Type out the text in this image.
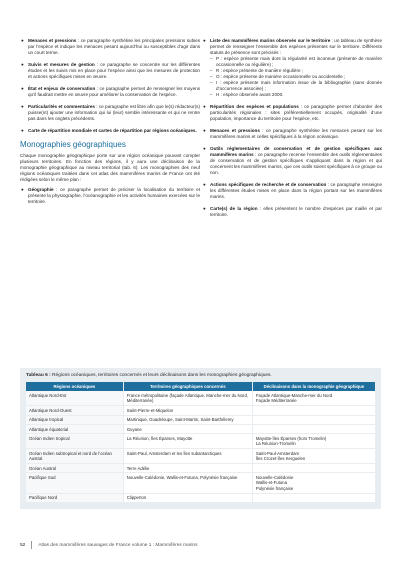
● Menaces et pressions : ce paragraphe synthétise les principales pressions subies par l’espèce et indique les menaces pesant aujourd’hui ou susceptibles d’agir dans un court terme.
● Suivis et mesures de gestion : ce paragraphe se concentre sur les différentes études et les suivis mis en place pour l’espèce ainsi que les mesures de protection et actions spécifiques mises en œuvre.
● État et enjeux de conservation : ce paragraphe permet de renseigner les moyens qu’il faudrait mettre en œuvre pour améliorer la conservation de l’espèce.
● Particularités et commentaires : ce paragraphe est libre afin que le(s) rédacteur(s) puisse(nt) ajouter une information qui lui (leur) semble intéressante et qui ne rentre pas dans les onglets précédents.
● Carte de répartition mondiale et cartes de répartition par régions océaniques.
Monographies géographiques
Chaque monographie géographique porte sur une région océanique pouvant compter plusieurs territoires. En fonction des régions, il y aura une déclinaison de la monographie géographique au niveau territorial (tab. 6). Les monographies des neuf régions océaniques traitées dans cet atlas des mammifères marins de France ont été rédigées selon le même plan :
● Géographie : ce paragraphe permet de préciser la localisation du territoire et présente la physiographie, l’océanographie et les activités humaines exercées sur le territoire.
● Liste des mammifères marins observés sur le territoire : un tableau de synthèse permet de renseigner l’ensemble des espèces présentes sur le territoire. Différents statuts de présence sont précisés :
– P : espèce présente mais dont la régularité est inconnue (présente de manière occasionnelle ou régulière) ;
– R : espèce présente de manière régulière ;
– O : espèce présente de manière occasionnelle ou accidentelle ;
– I : espèce présente mais information issue de la bibliographie (sans donnée d’occurrence associée) ;
– H : espèce observée avant 2000.
● Répartition des espèces et populations : ce paragraphe permet d’aborder des particularités régionales : sites préférentiellement occupés, originalité d’une population, importance du territoire pour l’espèce, etc.
● Menaces et pressions : ce paragraphe synthétise les menaces pesant sur les mammifères marins et celles spécifiques à la région océanique.
● Outils réglementaires de conservation et de gestion spécifiques aux mammifères marins : ce paragraphe recense l’ensemble des outils réglementaires de conservation et de gestion spécifiques s’appliquant dans la région et qui concernent les mammifères marins, que ces outils soient spécifiques à ce groupe ou non.
● Actions spécifiques de recherche et de conservation : ce paragraphe renseigne les différentes études mises en place dans la région portant sur les mammifères marins.
● Carte(s) de la région : elles présentent le nombre d’espèces par maille et par territoire.
Tableau 6 : Régions océaniques, territoires concernés et leurs déclinaisons dans les monographies géographiques.
Régions océaniques	Territoires géographiques concernés	Déclinaisons dans la monographie géographique
Atlantique Nord-Est	France métropolitaine (façade Atlantique, Manche-mer du Nord, Méditerranée)	Façade Atlantique-Manche-mer du Nord
Façade Méditerranée

Atlantique Nord-Ouest	Saint-Pierre-et-Miquelon	

Atlantique tropical	Martinique, Guadeloupe, Saint-Martin, Saint-Barthélemy	

Atlantique équatorial	Guyane	

Océan Indien tropical	La Réunion, Îles Éparses, Mayotte	Mayotte-îles Éparses (hors Tromelin)
La Réunion-Tromelin

Océan Indien subtropical et nord de l’océan Austral	Saint-Paul, Amsterdam et les îles subantarctiques	Saint-Paul-Amsterdam
Îles Crozet-îles Kerguelen

Océan Austral	Terre Adélie	

Pacifique Sud	Nouvelle-Calédonie, Wallis-et-Futuna, Polynésie française	Nouvelle-Calédonie
Wallis-et-Futuna
Polynésie française

Pacifique Nord	Clipperton	

52	Atlas des mammifères sauvages de France volume 1 : Mammifères marins
